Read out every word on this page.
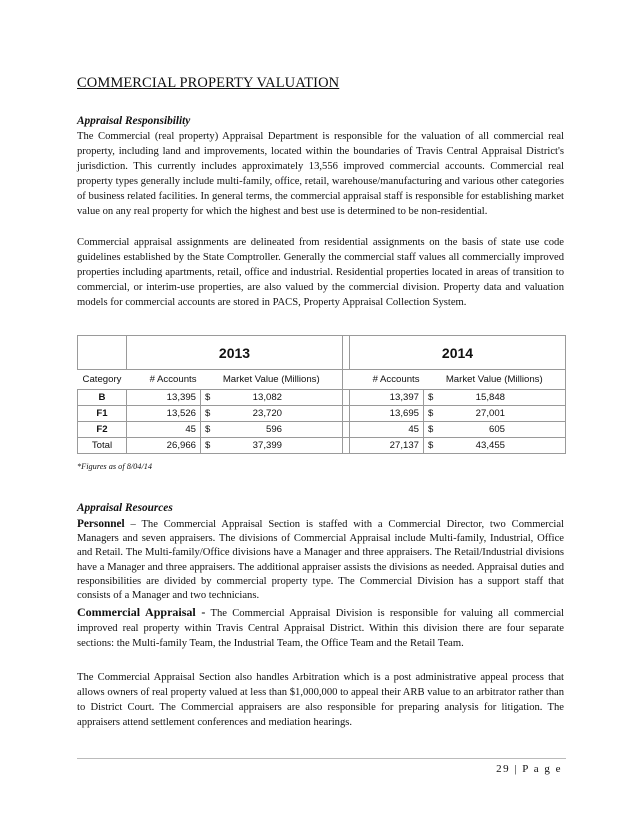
COMMERCIAL PROPERTY VALUATION
Appraisal Responsibility
The Commercial (real property) Appraisal Department is responsible for the valuation of all commercial real property, including land and improvements, located within the boundaries of Travis Central Appraisal District's jurisdiction. This currently includes approximately 13,556 improved commercial accounts. Commercial real property types generally include multi-family, office, retail, warehouse/manufacturing and various other categories of business related facilities. In general terms, the commercial appraisal staff is responsible for establishing market value on any real property for which the highest and best use is determined to be non-residential.
Commercial appraisal assignments are delineated from residential assignments on the basis of state use code guidelines established by the State Comptroller. Generally the commercial staff values all commercially improved properties including apartments, retail, office and industrial. Residential properties located in areas of transition to commercial, or interim-use properties, are also valued by the commercial division. Property data and valuation models for commercial accounts are stored in PACS, Property Appraisal Collection System.
	2013				2014		
Category	# Accounts	Market Value (Millions)			# Accounts	Market Value (Millions)	
B	13,395	$	13,082		13,397	$	15,848
F1	13,526	$	23,720		13,695	$	27,001
F2	45	$	596		45	$	605
Total	26,966	$	37,399		27,137	$	43,455
*Figures as of 8/04/14
Appraisal Resources
Personnel – The Commercial Appraisal Section is staffed with a Commercial Director, two Commercial Managers and seven appraisers. The divisions of Commercial Appraisal include Multi-family, Industrial, Office and Retail. The Multi-family/Office divisions have a Manager and three appraisers. The Retail/Industrial divisions have a Manager and three appraisers. The additional appraiser assists the divisions as needed. Appraisal duties and responsibilities are divided by commercial property type. The Commercial Division has a support staff that consists of a Manager and two technicians.
Commercial Appraisal - The Commercial Appraisal Division is responsible for valuing all commercial improved real property within Travis Central Appraisal District. Within this division there are four separate sections: the Multi-family Team, the Industrial Team, the Office Team and the Retail Team.
The Commercial Appraisal Section also handles Arbitration which is a post administrative appeal process that allows owners of real property valued at less than $1,000,000 to appeal their ARB value to an arbitrator rather than to District Court. The Commercial appraisers are also responsible for preparing analysis for litigation. The appraisers attend settlement conferences and mediation hearings.
29 | P a g e
